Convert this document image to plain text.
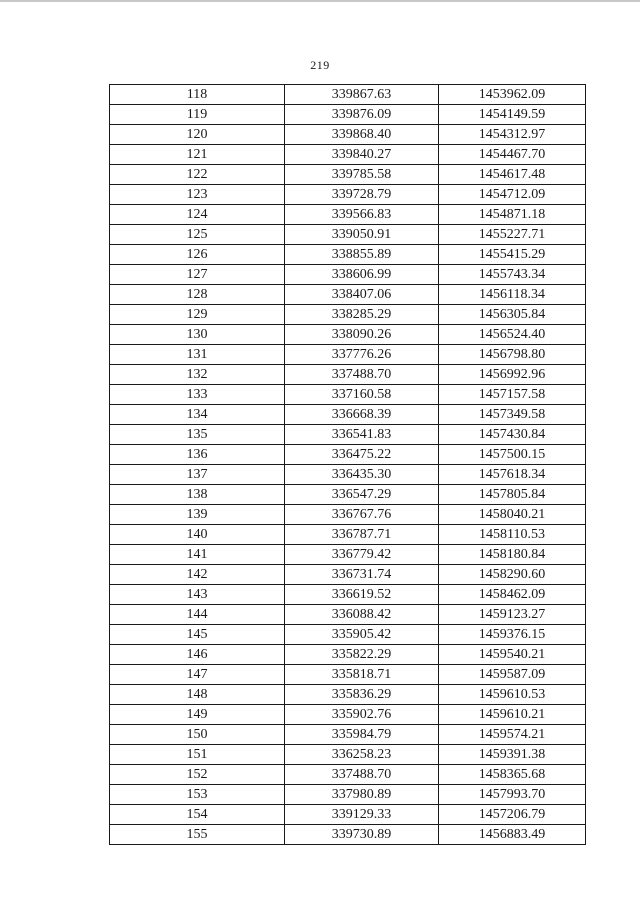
219
118	339867.63	1453962.09
119	339876.09	1454149.59
120	339868.40	1454312.97
121	339840.27	1454467.70
122	339785.58	1454617.48
123	339728.79	1454712.09
124	339566.83	1454871.18
125	339050.91	1455227.71
126	338855.89	1455415.29
127	338606.99	1455743.34
128	338407.06	1456118.34
129	338285.29	1456305.84
130	338090.26	1456524.40
131	337776.26	1456798.80
132	337488.70	1456992.96
133	337160.58	1457157.58
134	336668.39	1457349.58
135	336541.83	1457430.84
136	336475.22	1457500.15
137	336435.30	1457618.34
138	336547.29	1457805.84
139	336767.76	1458040.21
140	336787.71	1458110.53
141	336779.42	1458180.84
142	336731.74	1458290.60
143	336619.52	1458462.09
144	336088.42	1459123.27
145	335905.42	1459376.15
146	335822.29	1459540.21
147	335818.71	1459587.09
148	335836.29	1459610.53
149	335902.76	1459610.21
150	335984.79	1459574.21
151	336258.23	1459391.38
152	337488.70	1458365.68
153	337980.89	1457993.70
154	339129.33	1457206.79
155	339730.89	1456883.49
